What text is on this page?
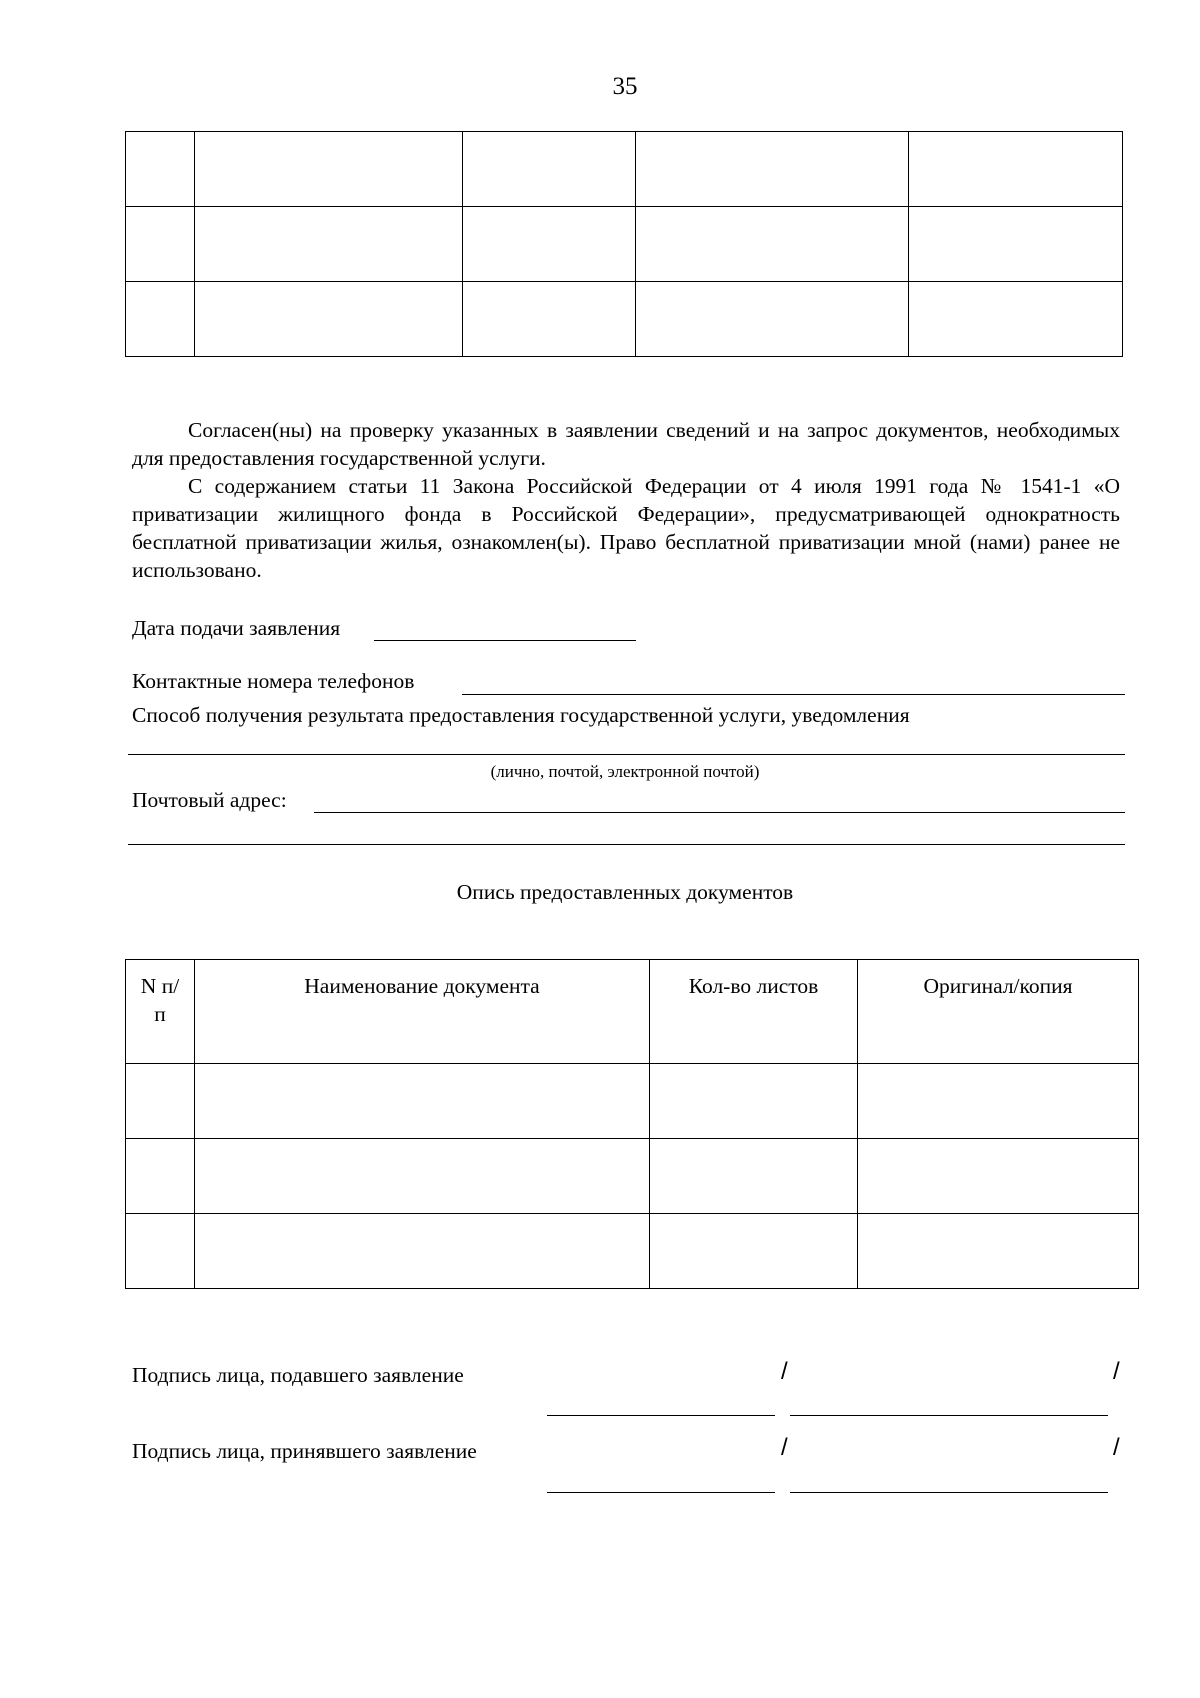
35

Согласен(ны) на проверку указанных в заявлении сведений и на запрос документов, необходимых для предоставления государственной услуги.

С содержанием статьи 11 Закона Российской Федерации от 4 июля 1991 года № 1541-1 «О приватизации жилищного фонда в Российской Федерации», предусматривающей однократность бесплатной приватизации жилья, ознакомлен(ы). Право бесплатной приватизации мной (нами) ранее не использовано.

Дата подачи заявления
Контактные номера телефонов
Способ получения результата предоставления государственной услуги, уведомления
(лично, почтой, электронной почтой)
Почтовый адрес:
Опись предоставленных документов
N п/п	Наименование документа	Кол-во листов	Оригинал/копия

Подпись лица, подавшего заявление	/	/
Подпись лица, принявшего заявление	/	/
